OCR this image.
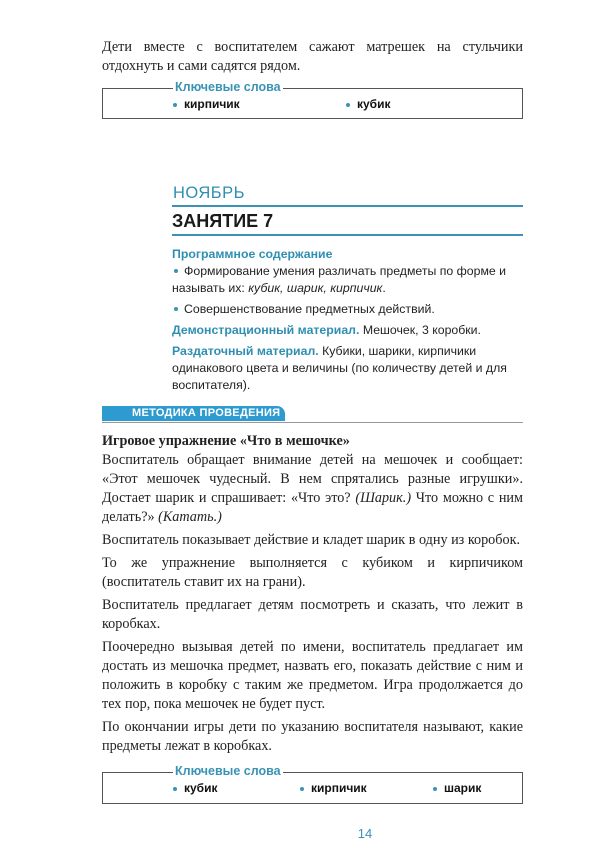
Дети вместе с воспитателем сажают матрешек на стульчики отдохнуть и сами садятся рядом.
Ключевые слова
кирпичик	кубик
НОЯБРЬ
ЗАНЯТИЕ 7
Программное содержание
Формирование умения различать предметы по форме и называть их: кубик, шарик, кирпичик.
Совершенствование предметных действий.
Демонстрационный материал. Мешочек, 3 коробки.
Раздаточный материал. Кубики, шарики, кирпичики одинакового цвета и величины (по количеству детей и для воспитателя).
МЕТОДИКА ПРОВЕДЕНИЯ
Игровое упражнение «Что в мешочке»

Воспитатель обращает внимание детей на мешочек и сообщает: «Этот мешочек чудесный. В нем спрятались разные игрушки». Достает шарик и спрашивает: «Что это? (Шарик.) Что можно с ним делать?» (Катать.)

Воспитатель показывает действие и кладет шарик в одну из коробок.

То же упражнение выполняется с кубиком и кирпичиком (воспитатель ставит их на грани).

Воспитатель предлагает детям посмотреть и сказать, что лежит в коробках.

Поочередно вызывая детей по имени, воспитатель предлагает им достать из мешочка предмет, назвать его, показать действие с ним и положить в коробку с таким же предметом. Игра продолжается до тех пор, пока мешочек не будет пуст.

По окончании игры дети по указанию воспитателя называют, какие предметы лежат в коробках.

Ключевые слова
кубик	кирпичик	шарик
14
